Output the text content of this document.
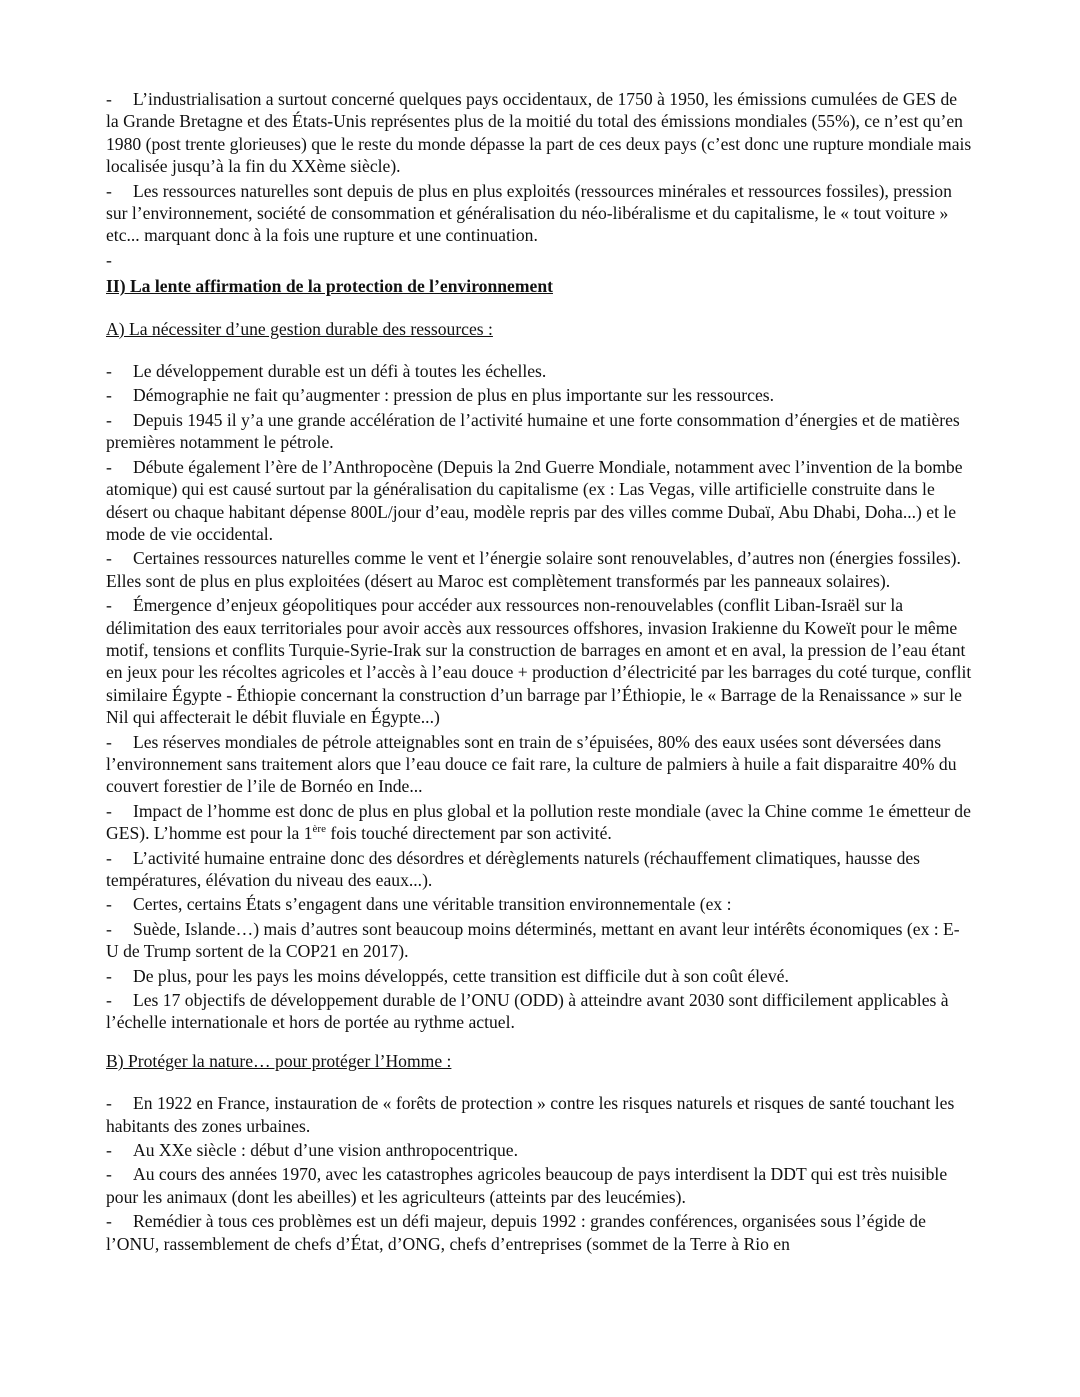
- L’industrialisation a surtout concerné quelques pays occidentaux, de 1750 à 1950, les émissions cumulées de GES de la Grande Bretagne et des États-Unis représentes plus de la moitié du total des émissions mondiales (55%), ce n’est qu’en 1980 (post trente glorieuses) que le reste du monde dépasse la part de ces deux pays (c’est donc une rupture mondiale mais localisée jusqu’à la fin du XXème siècle).

- Les ressources naturelles sont depuis de plus en plus exploités (ressources minérales et ressources fossiles), pression sur l’environnement, société de consommation et généralisation du néo-libéralisme et du capitalisme, le « tout voiture » etc... marquant donc à la fois une rupture et une continuation.

-

II) La lente affirmation de la protection de l’environnement
A) La nécessiter d’une gestion durable des ressources :

- Le développement durable est un défi à toutes les échelles.

- Démographie ne fait qu’augmenter : pression de plus en plus importante sur les ressources.

- Depuis 1945 il y’a une grande accélération de l’activité humaine et une forte consommation d’énergies et de matières premières notamment le pétrole.

- Débute également l’ère de l’Anthropocène (Depuis la 2nd Guerre Mondiale, notamment avec l’invention de la bombe atomique) qui est causé surtout par la généralisation du capitalisme (ex : Las Vegas, ville artificielle construite dans le désert ou chaque habitant dépense 800L/jour d’eau, modèle repris par des villes comme Dubaï, Abu Dhabi, Doha...) et le mode de vie occidental.

- Certaines ressources naturelles comme le vent et l’énergie solaire sont renouvelables, d’autres non (énergies fossiles). Elles sont de plus en plus exploitées (désert au Maroc est complètement transformés par les panneaux solaires).

- Émergence d’enjeux géopolitiques pour accéder aux ressources non-renouvelables (conflit Liban-Israël sur la délimitation des eaux territoriales pour avoir accès aux ressources offshores, invasion Irakienne du Koweït pour le même motif, tensions et conflits Turquie-Syrie-Irak sur la construction de barrages en amont et en aval, la pression de l’eau étant en jeux pour les récoltes agricoles et l’accès à l’eau douce + production d’électricité par les barrages du coté turque, conflit similaire Égypte - Éthiopie concernant la construction d’un barrage par l’Éthiopie, le « Barrage de la Renaissance » sur le Nil qui affecterait le débit fluviale en Égypte...)

- Les réserves mondiales de pétrole atteignables sont en train de s’épuisées, 80% des eaux usées sont déversées dans l’environnement sans traitement alors que l’eau douce ce fait rare, la culture de palmiers à huile a fait disparaitre 40% du couvert forestier de l’ile de Bornéo en Inde...

- Impact de l’homme est donc de plus en plus global et la pollution reste mondiale (avec la Chine comme 1e émetteur de GES). L’homme est pour la 1ère fois touché directement par son activité.

- L’activité humaine entraine donc des désordres et dérèglements naturels (réchauffement climatiques, hausse des températures, élévation du niveau des eaux...).

- Certes, certains États s’engagent dans une véritable transition environnementale (ex :

- Suède, Islande…) mais d’autres sont beaucoup moins déterminés, mettant en avant leur intérêts économiques (ex : E-U de Trump sortent de la COP21 en 2017).

- De plus, pour les pays les moins développés, cette transition est difficile dut à son coût élevé.

- Les 17 objectifs de développement durable de l’ONU (ODD) à atteindre avant 2030 sont difficilement applicables à l’échelle internationale et hors de portée au rythme actuel.

B) Protéger la nature… pour protéger l’Homme :

- En 1922 en France, instauration de « forêts de protection » contre les risques naturels et risques de santé touchant les habitants des zones urbaines.

- Au XXe siècle : début d’une vision anthropocentrique.

- Au cours des années 1970, avec les catastrophes agricoles beaucoup de pays interdisent la DDT qui est très nuisible pour les animaux (dont les abeilles) et les agriculteurs (atteints par des leucémies).

- Remédier à tous ces problèmes est un défi majeur, depuis 1992 : grandes conférences, organisées sous l’égide de l’ONU, rassemblement de chefs d’État, d’ONG, chefs d’entreprises (sommet de la Terre à Rio en
